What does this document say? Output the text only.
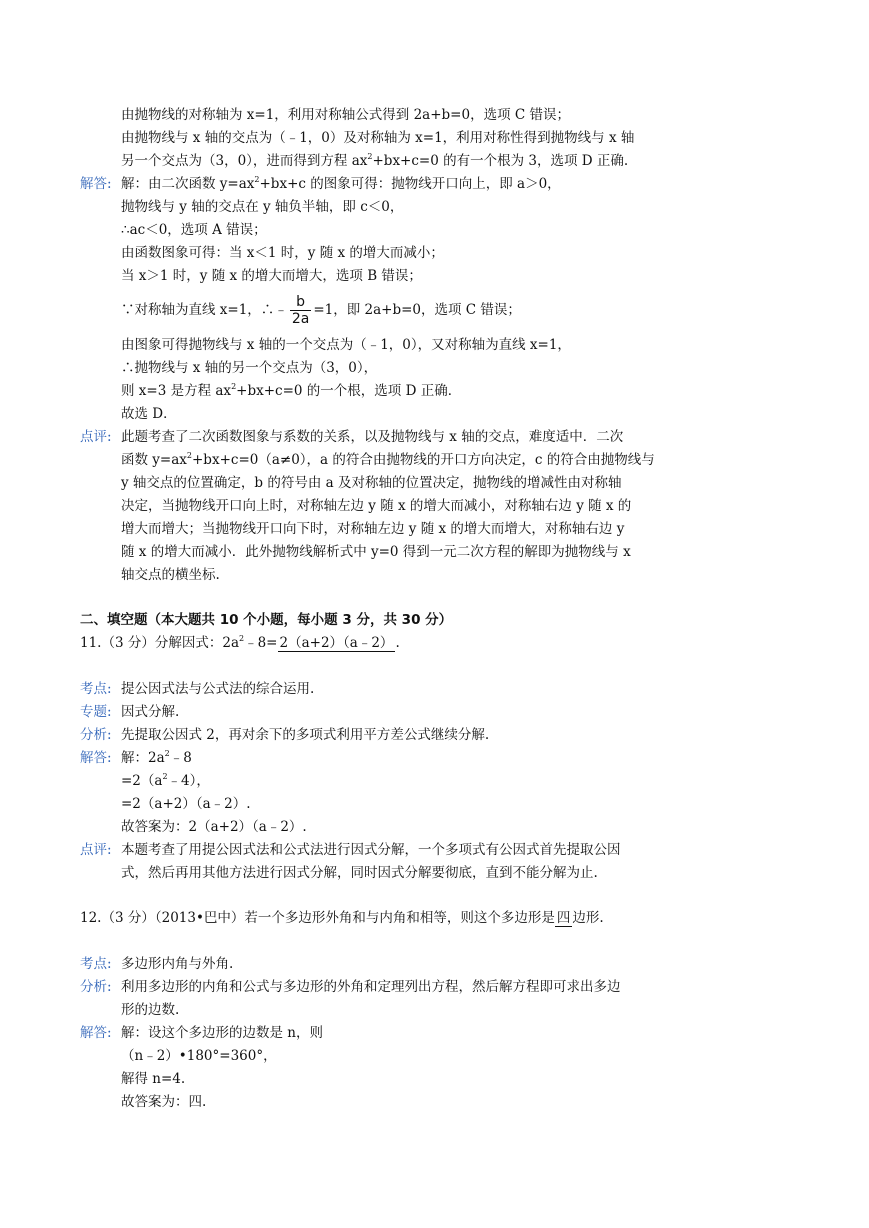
由抛物线的对称轴为 x=1，利用对称轴公式得到 2a+b=0，选项 C 错误；
由抛物线与 x 轴的交点为（﹣1，0）及对称轴为 x=1，利用对称性得到抛物线与 x 轴
另一个交点为（3，0），进而得到方程 $ax^2+bx+c=0$ 的有一个根为 3，选项 D 正确.
解答: 解：由二次函数 $y=ax^2+bx+c$ 的图象可得：抛物线开口向上，即 a＞0，
抛物线与 y 轴的交点在 y 轴负半轴，即 c＜0，
∴ac＜0，选项 A 错误；
由函数图象可得：当 x＜1 时，y 随 x 的增大而减小；
当 x＞1 时，y 随 x 的增大而增大，选项 B 错误；
∵对称轴为直线 x=1，∴﹣ $\frac{b}{2a} =1$，即 2a+b=0，选项 C 错误；
由图象可得抛物线与 x 轴的一个交点为（﹣1，0），又对称轴为直线 x=1，
∴抛物线与 x 轴的另一个交点为（3，0），
则 x=3 是方程 $ax^2+bx+c=0$ 的一个根，选项 D 正确．
故选 D．
点评: 此题考查了二次函数图象与系数的关系，以及抛物线与 x 轴的交点，难度适中．二次
函数 $y=ax^2+bx+c=0(a\ne 0)$，a 的符合由抛物线的开口方向决定，c 的符合由抛物线与
y 轴交点的位置确定，b 的符号由 a 及对称轴的位置决定，抛物线的增减性由对称轴
决定，当抛物线开口向上时，对称轴左边 y 随 x 的增大而减小，对称轴右边 y 随 x 的
增大而增大；当抛物线开口向下时，对称轴左边 y 随 x 的增大而增大，对称轴右边 y
随 x 的增大而减小．此外抛物线解析式中 y=0 得到一元二次方程的解即为抛物线与 x
轴交点的横坐标.
二、填空题（本大题共 10 个小题，每小题 3 分，共 30 分）
11.（3 分）分解因式：$2a^2﹣8=2(a+2)(a﹣2)$.
考点: 提公因式法与公式法的综合运用.
专题: 因式分解.
分析: 先提取公因式 2，再对余下的多项式利用平方差公式继续分解.
解答: 解：$2a^2﹣8$
$=2(a^2﹣4)$，
=2（a+2）（a﹣2）.
故答案为：2（a+2）（a﹣2）.
点评: 本题考查了用提公因式法和公式法进行因式分解，一个多项式有公因式首先提取公因
式，然后再用其他方法进行因式分解，同时因式分解要彻底，直到不能分解为止.
12.（3 分）（2013•巴中）若一个多边形外角和与内角和相等，则这个多边形是四边形.
考点: 多边形内角与外角.
分析: 利用多边形的内角和公式与多边形的外角和定理列出方程，然后解方程即可求出多边
形的边数.
解答: 解：设这个多边形的边数是 n，则
（n﹣2）•180°=360°，
解得 n=4.
故答案为：四.
